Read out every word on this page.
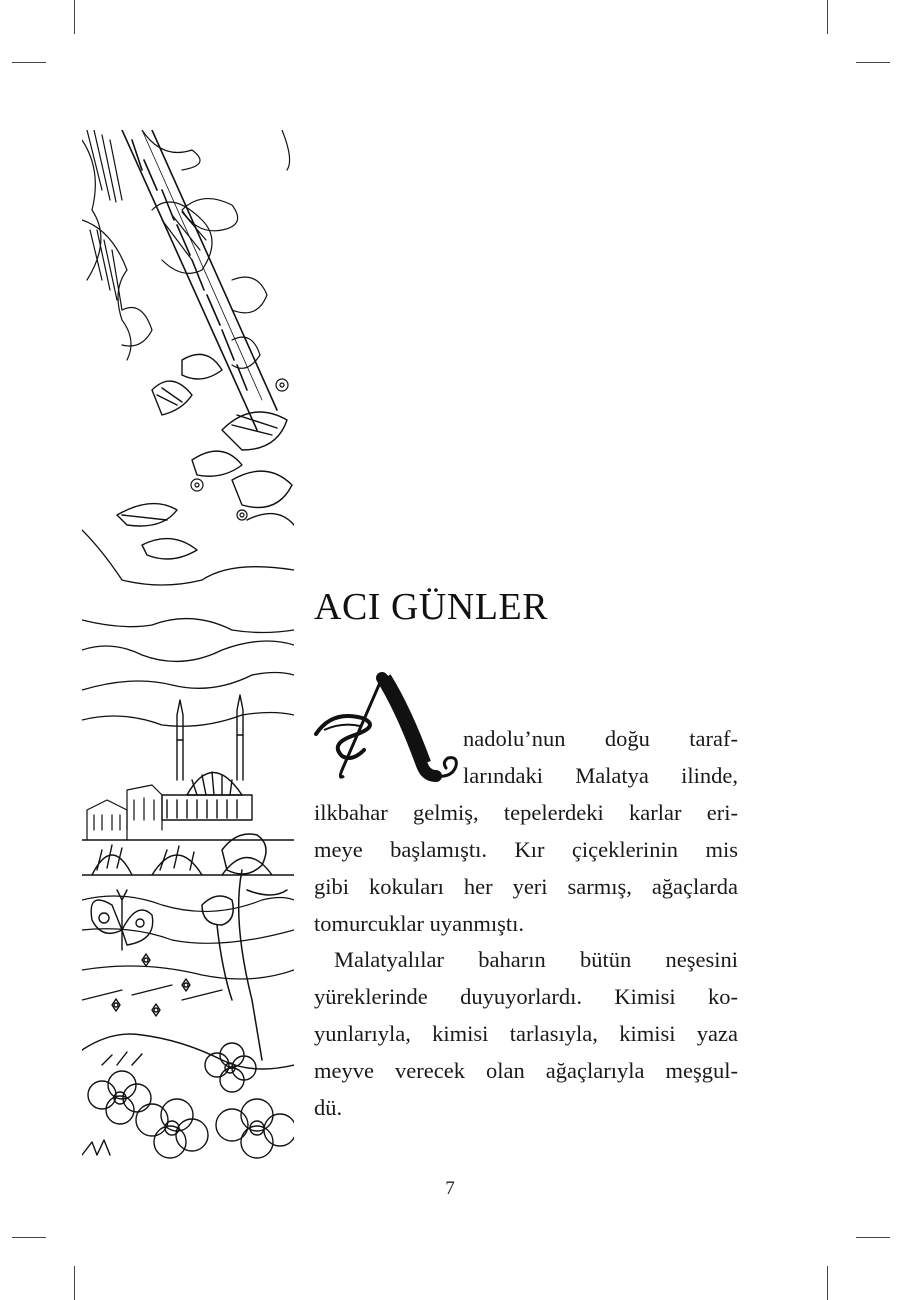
ACI GÜNLER
nadolu’nun doğu taraf-
larındaki Malatya ilinde,
ilkbahar gelmiş, tepelerdeki karlar eri-
meye başlamıştı. Kır çiçeklerinin mis
gibi kokuları her yeri sarmış, ağaçlarda
tomurcuklar uyanmıştı.
Malatyalılar baharın bütün neşesini
yüreklerinde duyuyorlardı. Kimisi ko-
yunlarıyla, kimisi tarlasıyla, kimisi yaza
meyve verecek olan ağaçlarıyla meşgul-
dü.
7
